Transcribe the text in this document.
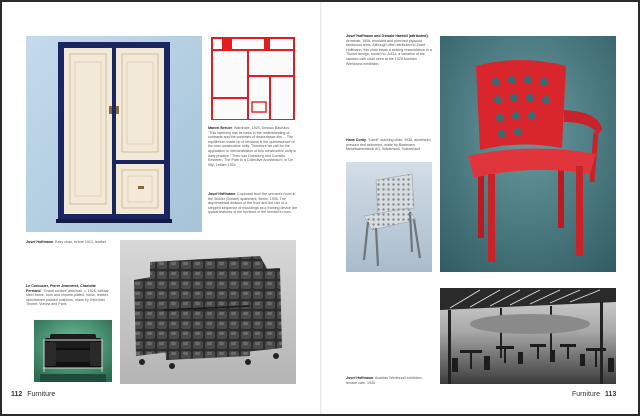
Marcel Breuer: Wardrobe, 1925, Dessau Bauhaus. "This harmony has its basis in the understanding of contrasts and the contrasts of discordance sits ... The equilibrium made up of tensions is the quintessence of the new constructive unity. Therefore we call for the application or demonstration of this constructive unity in daily practice." Theo van Doesburg and Cornelis Eesteren, The Path to a Collective Architecture, in De Stijl, Leiden 1924.
Josef Hoffmann: Cupboard from the servant's room in the Stoclet (Stoclet) apartment, Berlin, 1905. The asymmetrical division of the front and the use of a stepped sequence of mouldings as a framing device are typical features of the furniture in the servant's room.
Josef Hoffmann: Easy chair, before 1913, leather
Le Corbusier, Pierre Jeanneret, Charlotte Perriand: "Grand confort" armchair, c. 1928, tubular steel frame, horn and chrome-plated, horse, leather upholstered padded cushions, made by Gebrüder Thonet, Vienna and Paris
112 Furniture
Josef Hoffmann and Oswald Haerdtl (attributed): Armchair, 1906, moulded and punched plywood, bentwood arms. Although often attributed to Josef Hoffmann, this chair bears a striking resemblance to a Thonet design, model no. A 811, a variation of the stacked cafe chair seen at the 1925 Austrian Werkbund exhibition.
Hans Coray: "Landi" stacking chair, 1938, aluminium, pressed and deformed, made by Blattmann Metallwarenfabrik AG, Wädenswil, Switzerland
Josef Hoffmann: Austrian Werkbund exhibition, terrace cafe, 1930
Furniture 113
